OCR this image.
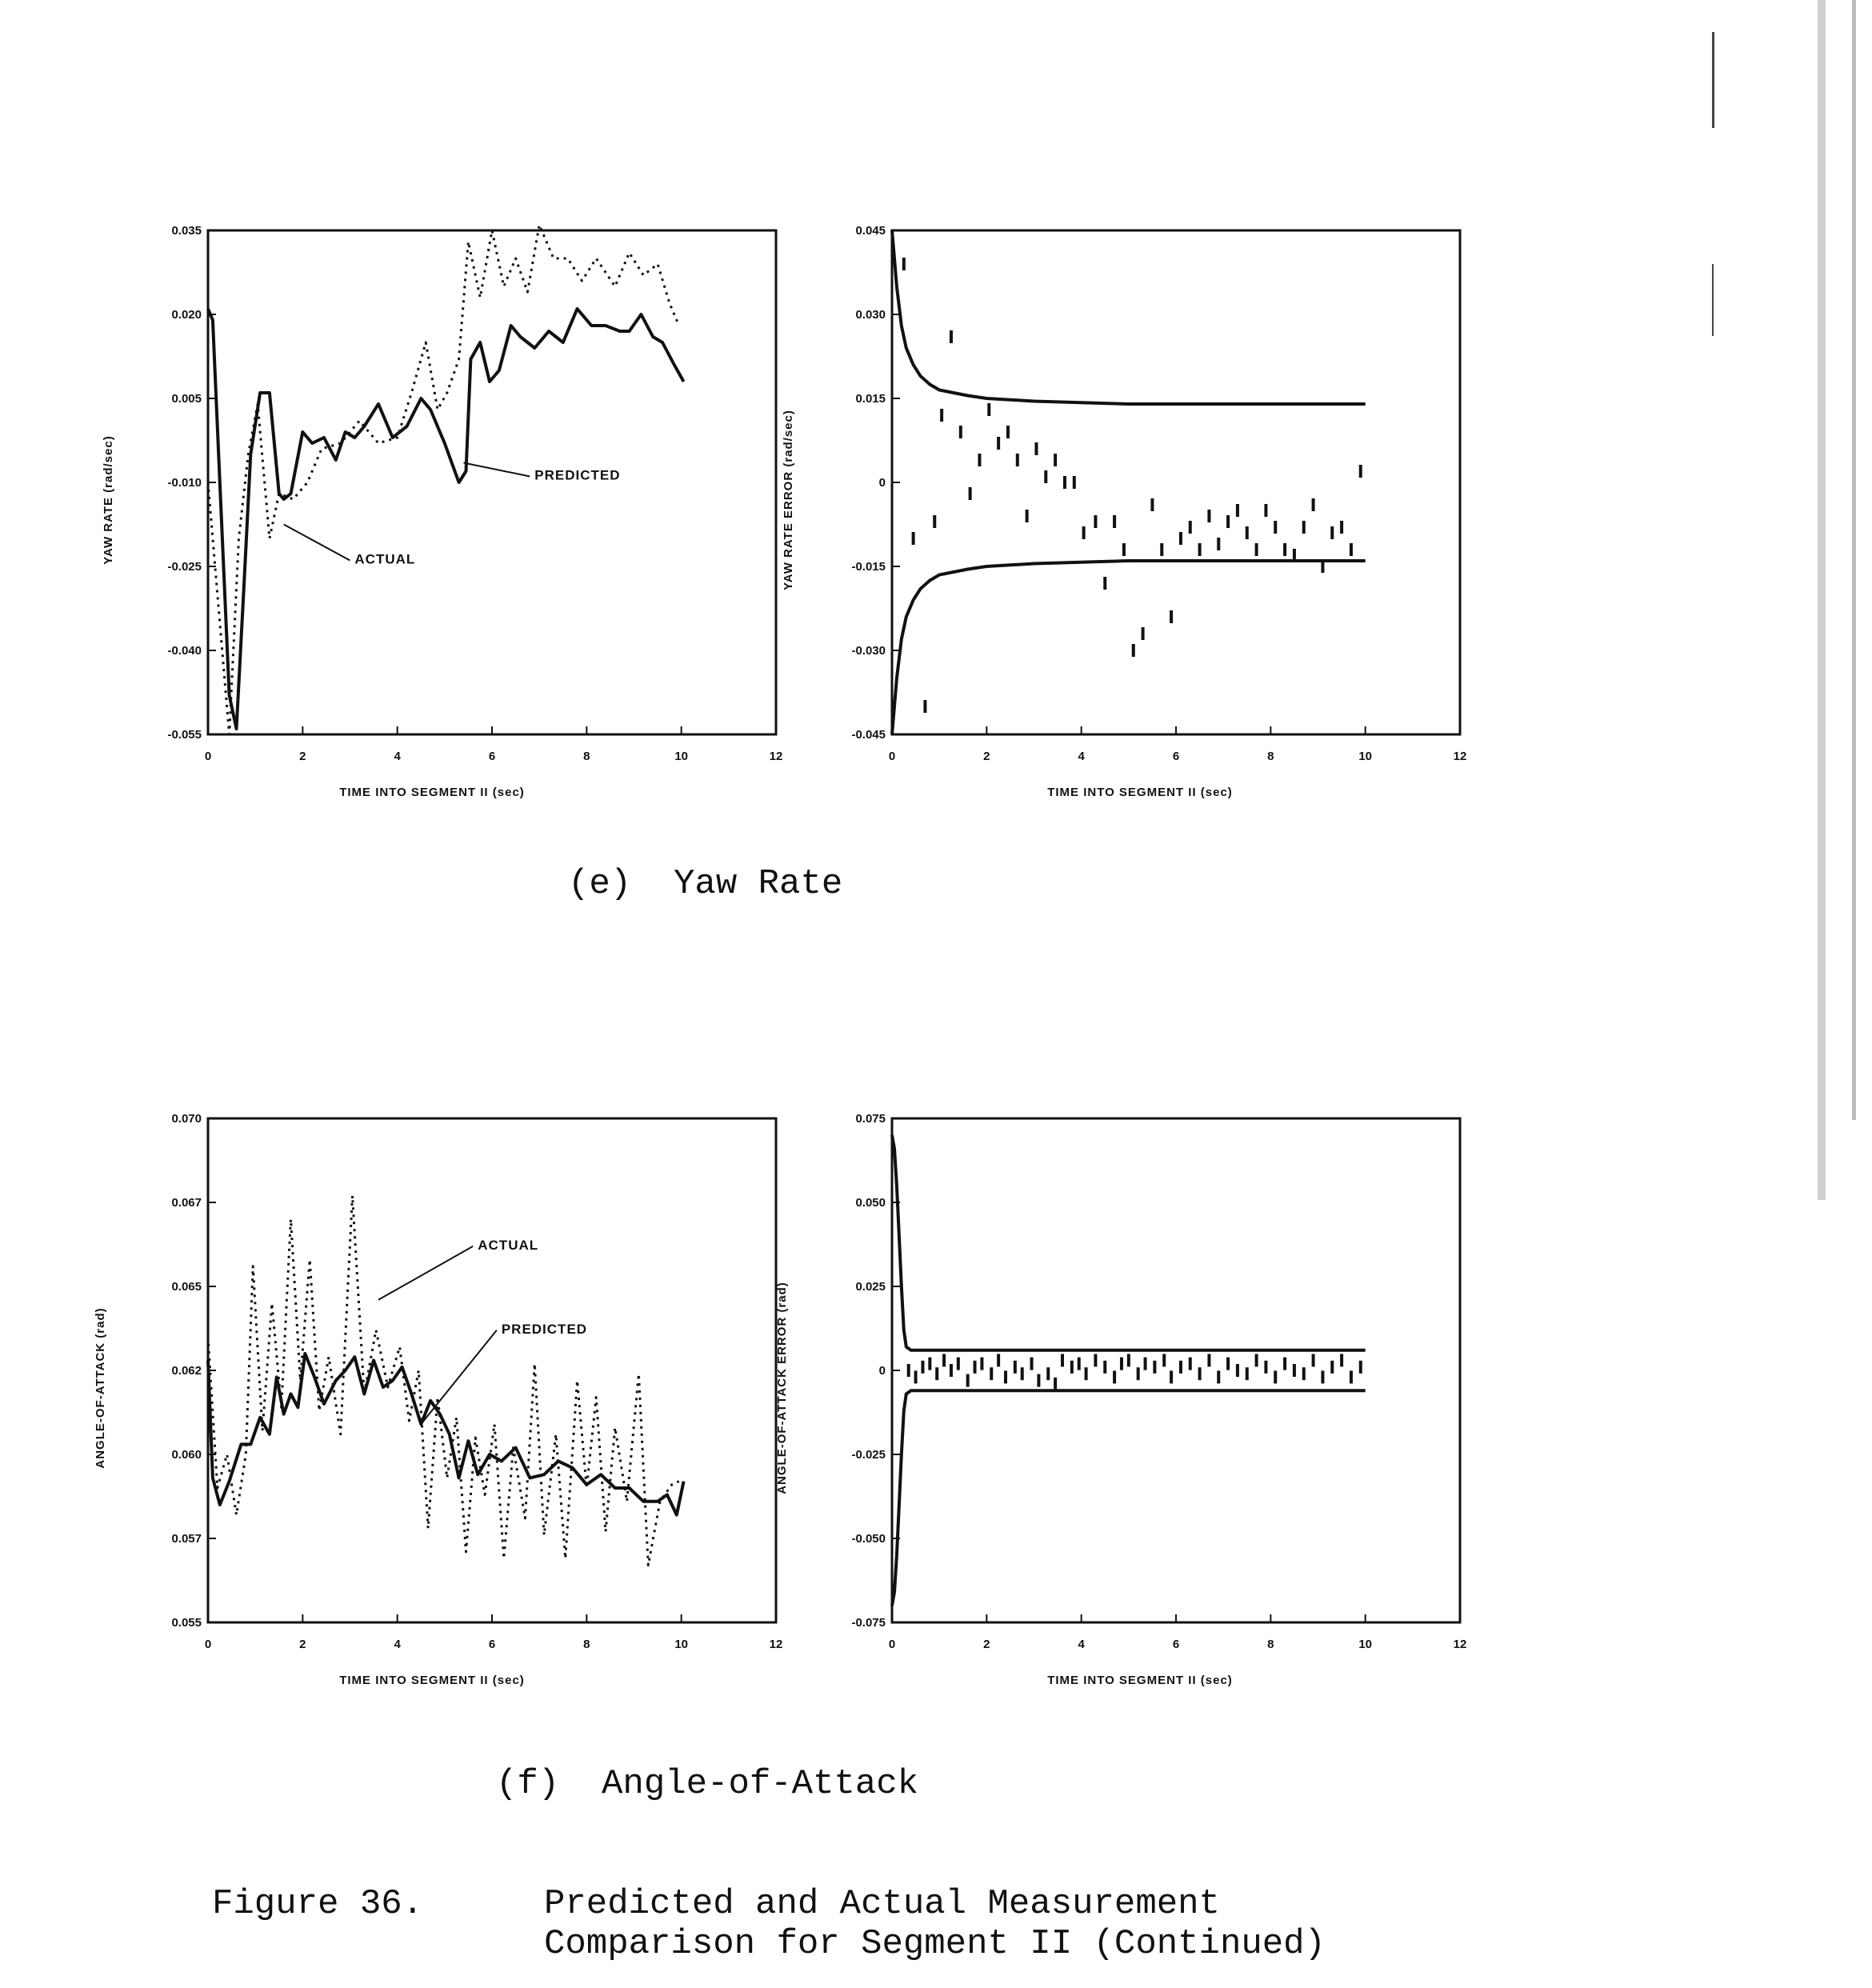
YAW RATE (rad/sec)
TIME INTO SEGMENT II (sec)
0	2	4	6	8	10	12
0.035
0.020
0.005
-0.010
-0.025
-0.040
-0.055
PREDICTED
ACTUAL	YAW RATE ERROR (rad/sec)
TIME INTO SEGMENT II (sec)
0	2	4	6	8	10	12
0.045
0.030
0.015
0
-0.015
-0.030
-0.045
(e)  Yaw Rate
ANGLE-OF-ATTACK (rad)
TIME INTO SEGMENT II (sec)
0	2	4	6	8	10	12
0.070
0.067
0.065
0.062
0.060
0.057
0.055
ACTUAL
PREDICTED	ANGLE-OF-ATTACK ERROR (rad)
TIME INTO SEGMENT II (sec)
0	2	4	6	8	10	12
0.075
0.050
0.025
0
-0.025
-0.050
-0.075
(f)  Angle-of-Attack
Figure 36.	Predicted and Actual Measurement
Comparison for Segment II (Continued)
